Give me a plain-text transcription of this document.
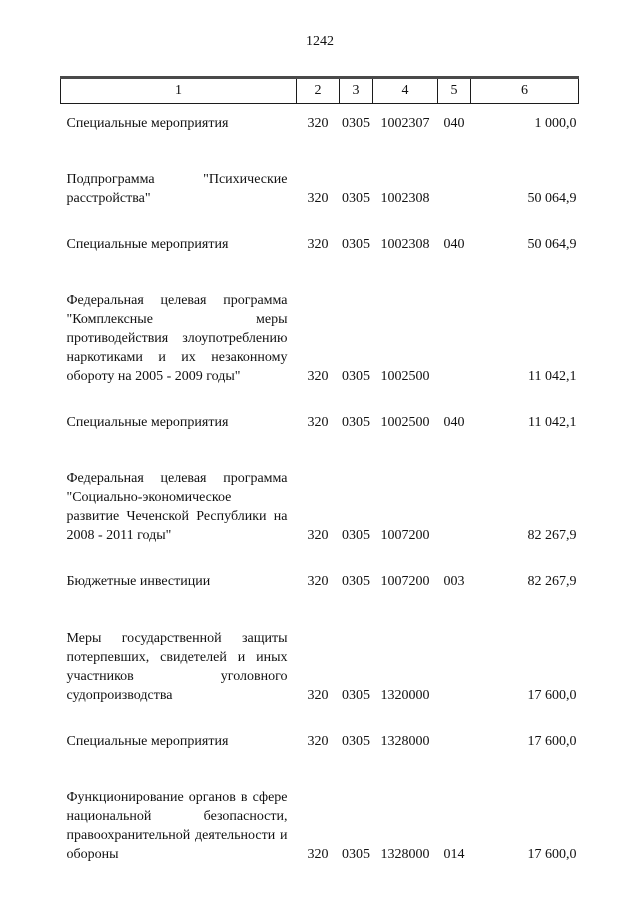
1242
1	2	3	4	5	6
Специальные мероприятия	320	0305	1002307	040	1 000,0
Подпрограмма "Психические расстройства"	320	0305	1002308		50 064,9
Специальные мероприятия	320	0305	1002308	040	50 064,9
Федеральная целевая программа "Комплексные меры противодействия злоупотреблению наркотиками и их незаконному обороту на 2005 - 2009 годы"	320	0305	1002500		11 042,1
Специальные мероприятия	320	0305	1002500	040	11 042,1
Федеральная целевая программа "Социально-экономическое развитие Чеченской Республики на 2008 - 2011 годы"	320	0305	1007200		82 267,9
Бюджетные инвестиции	320	0305	1007200	003	82 267,9
Меры государственной защиты потерпевших, свидетелей и иных участников уголовного судопроизводства	320	0305	1320000		17 600,0
Специальные мероприятия	320	0305	1328000		17 600,0
Функционирование органов в сфере национальной безопасности, правоохранительной деятельности и обороны	320	0305	1328000	014	17 600,0
